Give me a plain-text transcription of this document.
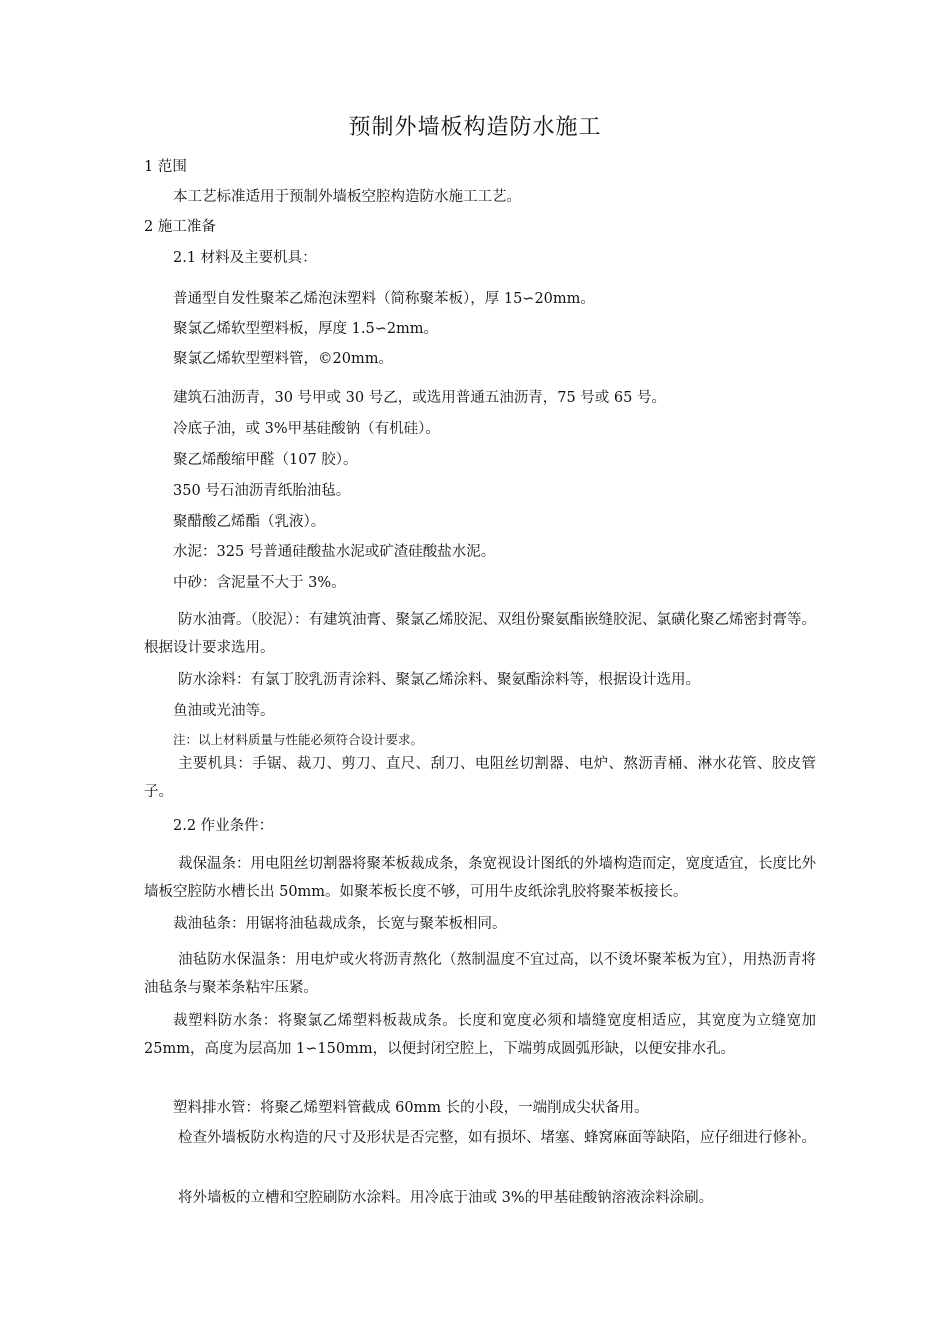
预制外墙板构造防水施工
1 范围
本工艺标准适用于预制外墙板空腔构造防水施工工艺。
2 施工准备
2.1 材料及主要机具：
普通型自发性聚苯乙烯泡沫塑料（简称聚苯板），厚 15∽20mm。
聚氯乙烯软型塑料板，厚度 1.5∽2mm。
聚氯乙烯软型塑料管，©20mm。
建筑石油沥青，30 号甲或 30 号乙，或选用普通五油沥青，75 号或 65 号。
冷底子油，或 3%甲基硅酸钠（有机硅）。
聚乙烯酸缩甲醛（107 胶）。
350 号石油沥青纸胎油毡。
聚醋酸乙烯酯（乳液）。
水泥：325 号普通硅酸盐水泥或矿渣硅酸盐水泥。
中砂：含泥量不大于 3%。
防水油膏。（胶泥）：有建筑油膏、聚氯乙烯胶泥、双组份聚氨酯嵌缝胶泥、氯磺化聚乙烯密封膏等。根据设计要求选用。
防水涂料：有氯丁胶乳沥青涂料、聚氯乙烯涂料、聚氨酯涂料等，根据设计选用。
鱼油或光油等。
注：以上材料质量与性能必须符合设计要求。
主要机具：手锯、裁刀、剪刀、直尺、刮刀、电阻丝切割器、电炉、熬沥青桶、淋水花管、胶皮管子。
2.2 作业条件：
裁保温条：用电阻丝切割器将聚苯板裁成条，条宽视设计图纸的外墙构造而定，宽度适宜，长度比外墙板空腔防水槽长出 50mm。如聚苯板长度不够，可用牛皮纸涂乳胶将聚苯板接长。
裁油毡条：用锯将油毡裁成条，长宽与聚苯板相同。
油毡防水保温条：用电炉或火将沥青熬化（熬制温度不宜过高，以不烫坏聚苯板为宜），用热沥青将油毡条与聚苯条粘牢压紧。
裁塑料防水条：将聚氯乙烯塑料板裁成条。长度和宽度必须和墙缝宽度相适应，其宽度为立缝宽加 25mm，高度为层高加 1∽150mm，以便封闭空腔上，下端剪成圆弧形缺，以便安排水孔。
塑料排水管：将聚乙烯塑料管截成 60mm 长的小段，一端削成尖状备用。
检查外墙板防水构造的尺寸及形状是否完整，如有损坏、堵塞、蜂窝麻面等缺陷，应仔细进行修补。
将外墙板的立槽和空腔刷防水涂料。用冷底于油或 3%的甲基硅酸钠溶液涂料涂刷。
